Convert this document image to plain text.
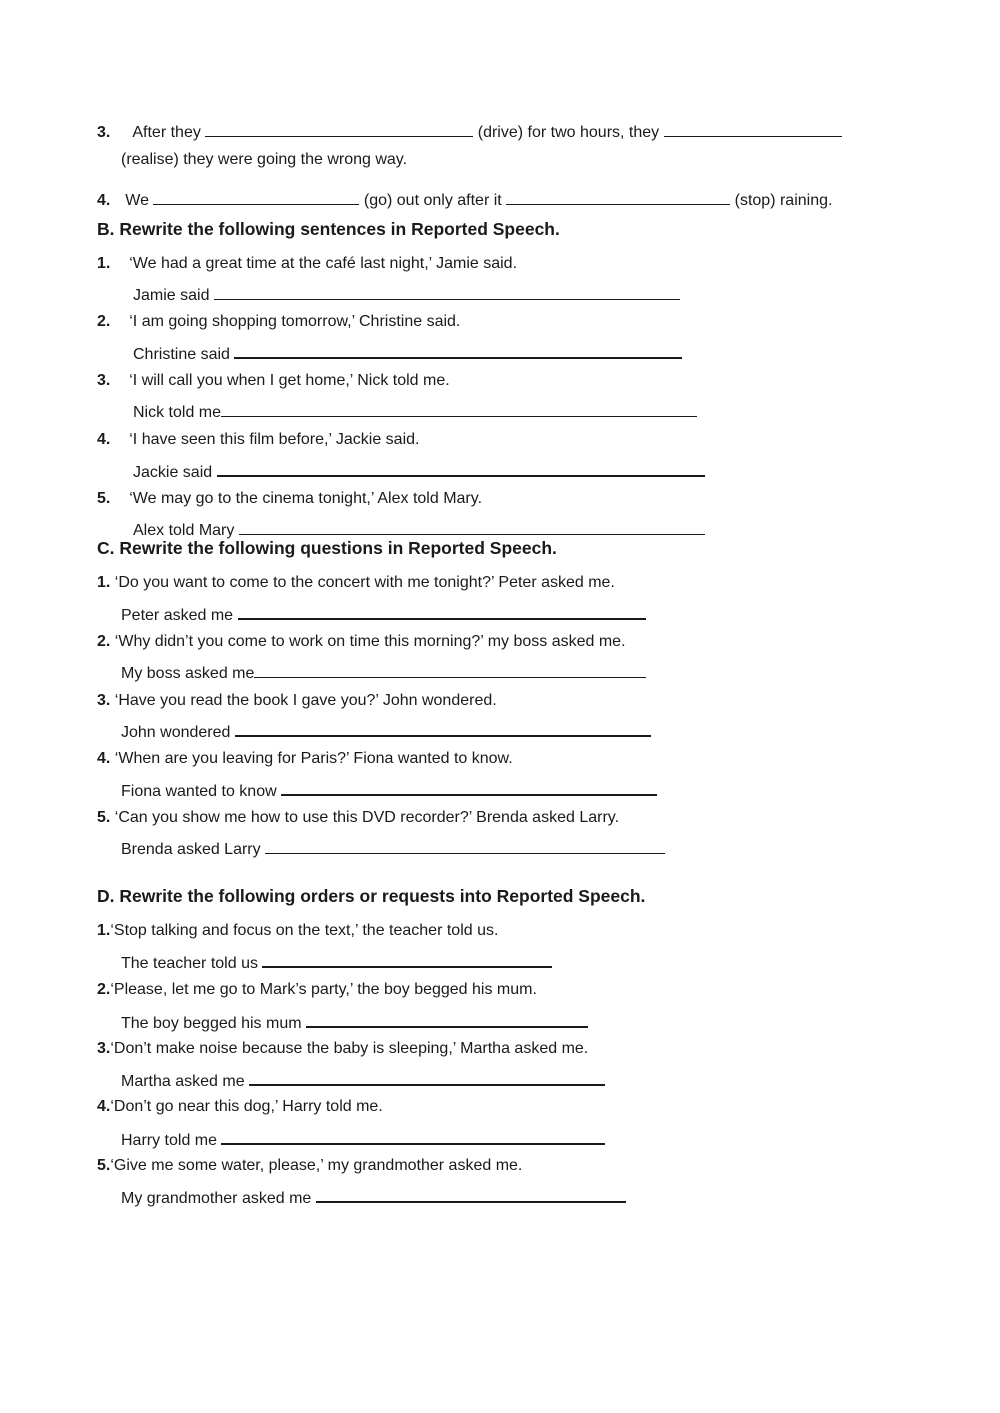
3. After they	(drive) for two hours, they
(realise) they were going the wrong way.
4. We	(go) out only after it	(stop) raining.
B. Rewrite the following sentences in Reported Speech.
1. ‘We had a great time at the café last night,’ Jamie said.
Jamie said
2. ‘I am going shopping tomorrow,’ Christine said.
Christine said
3. ‘I will call you when I get home,’ Nick told me.
Nick told me
4. ‘I have seen this film before,’ Jackie said.
Jackie said
5. ‘We may go to the cinema tonight,’ Alex told Mary.
Alex told Mary
C. Rewrite the following questions in Reported Speech.
1. ‘Do you want to come to the concert with me tonight?’ Peter asked me.
Peter asked me
2. ‘Why didn’t you come to work on time this morning?’ my boss asked me.
My boss asked me
3. ‘Have you read the book I gave you?’ John wondered.
John wondered
4. ‘When are you leaving for Paris?’ Fiona wanted to know.
Fiona wanted to know
5. ‘Can you show me how to use this DVD recorder?’ Brenda asked Larry.
Brenda asked Larry
D. Rewrite the following orders or requests into Reported Speech.
1.‘Stop talking and focus on the text,’ the teacher told us.
The teacher told us
2.‘Please, let me go to Mark’s party,’ the boy begged his mum.
The boy begged his mum
3.‘Don’t make noise because the baby is sleeping,’ Martha asked me.
Martha asked me
4.‘Don’t go near this dog,’ Harry told me.
Harry told me
5.‘Give me some water, please,’ my grandmother asked me.
My grandmother asked me
